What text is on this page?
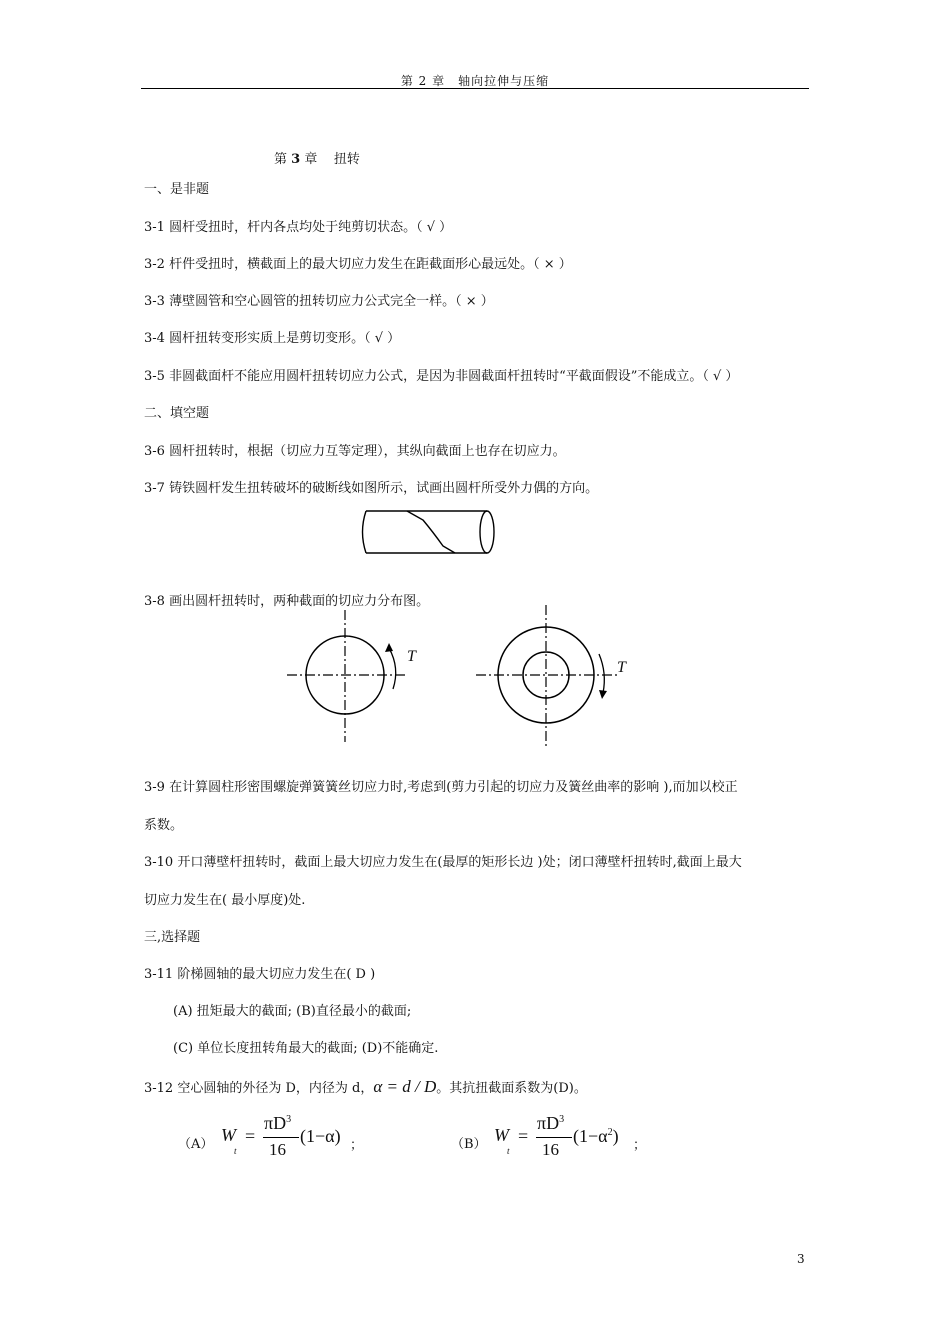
第 2 章　轴向拉伸与压缩
第 3 章 扭转
一、是非题
3-1 圆杆受扭时，杆内各点均处于纯剪切状态。（ √ ）
3-2 杆件受扭时，横截面上的最大切应力发生在距截面形心最远处。（ × ）
3-3 薄壁圆管和空心圆管的扭转切应力公式完全一样。（ × ）
3-4 圆杆扭转变形实质上是剪切变形。（ √ ）
3-5 非圆截面杆不能应用圆杆扭转切应力公式，是因为非圆截面杆扭转时“平截面假设”不能成立。（ √ ）
二、填空题
3-6 圆杆扭转时，根据（切应力互等定理），其纵向截面上也存在切应力。
3-7 铸铁圆杆发生扭转破坏的破断线如图所示，试画出圆杆所受外力偶的方向。
3-8 画出圆杆扭转时，两种截面的切应力分布图。
T
T
3-9 在计算圆柱形密围螺旋弹簧簧丝切应力时,考虑到(剪力引起的切应力及簧丝曲率的影响 ),而加以校正
系数。
3-10 开口薄壁杆扭转时，截面上最大切应力发生在(最厚的矩形长边 )处；闭口薄壁杆扭转时,截面上最大
切应力发生在( 最小厚度)处.
三,选择题
3-11 阶梯圆轴的最大切应力发生在( D )
(A) 扭矩最大的截面; (B)直径最小的截面;
(C) 单位长度扭转角最大的截面; (D)不能确定.
3-12 空心圆轴的外径为 D，内径为 d，α = d / D。其抗扭截面系数为(D)。
（A） W
t
=
$\pi D^3$
16
(1−α) ；	（B） W
t
=
$\pi D^3$
16
$(1-\alpha^2)$ ；
3
